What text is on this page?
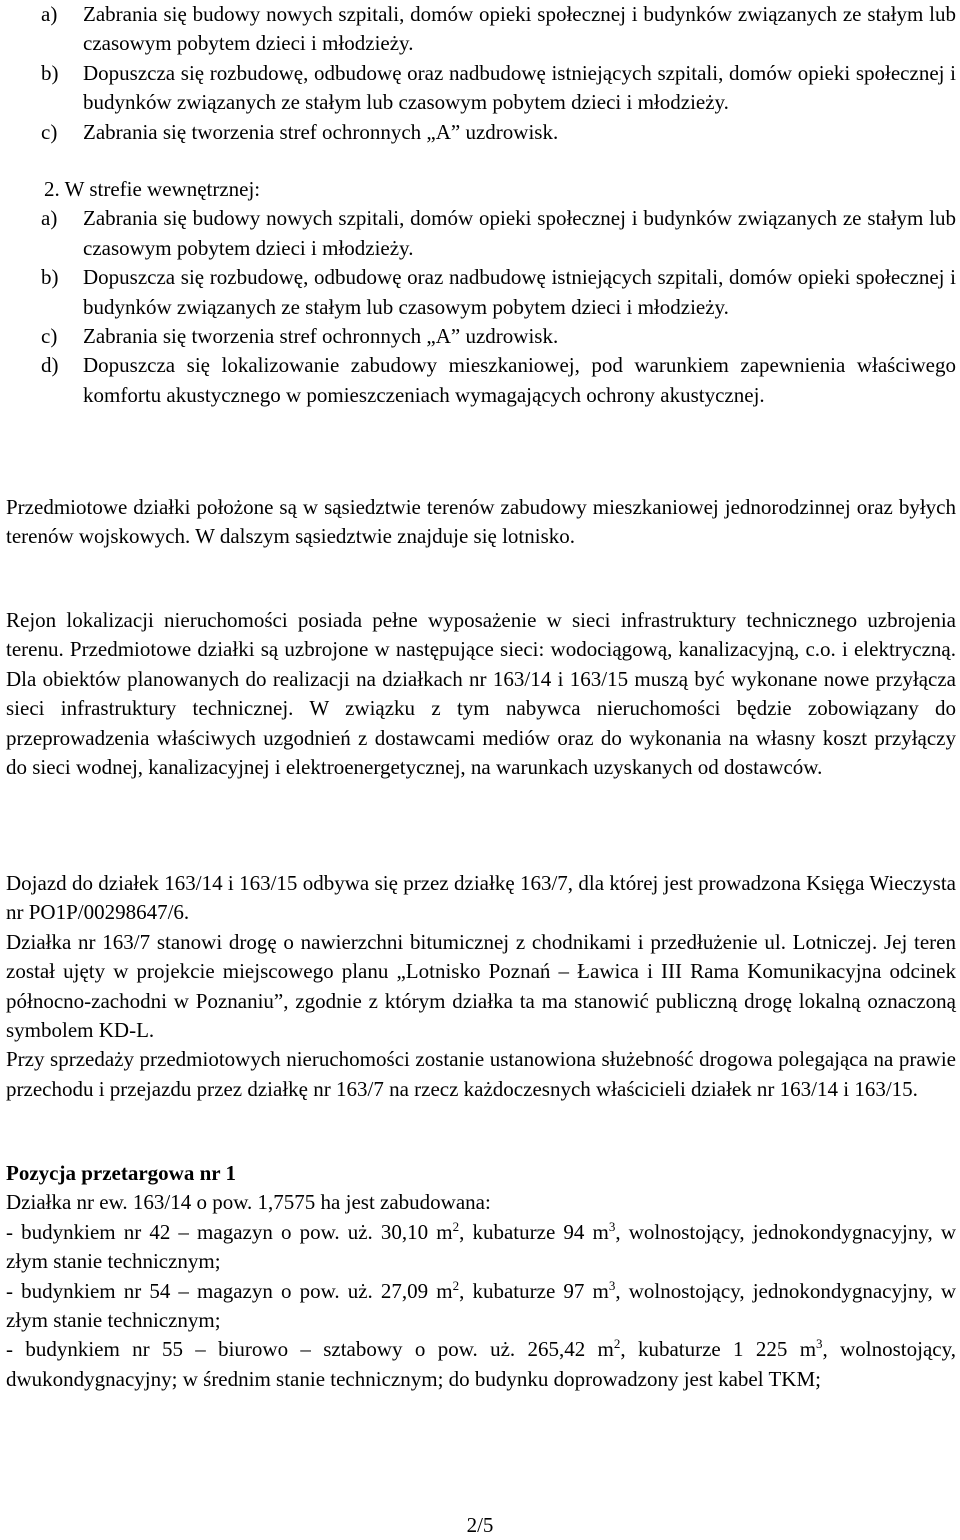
a)	Zabrania się budowy nowych szpitali, domów opieki społecznej i budynków związanych ze stałym lub czasowym pobytem dzieci i młodzieży.
b)	Dopuszcza się rozbudowę, odbudowę oraz nadbudowę istniejących szpitali, domów opieki społecznej i budynków związanych ze stałym lub czasowym pobytem dzieci i młodzieży.
c)	Zabrania się tworzenia stref ochronnych „A” uzdrowisk.
2. W strefie wewnętrznej:
a)	Zabrania się budowy nowych szpitali, domów opieki społecznej i budynków związanych ze stałym lub czasowym pobytem dzieci i młodzieży.
b)	Dopuszcza się rozbudowę, odbudowę oraz nadbudowę istniejących szpitali, domów opieki społecznej i budynków związanych ze stałym lub czasowym pobytem dzieci i młodzieży.
c)	Zabrania się tworzenia stref ochronnych „A” uzdrowisk.
d)	Dopuszcza się lokalizowanie zabudowy mieszkaniowej, pod warunkiem zapewnienia właściwego komfortu akustycznego w pomieszczeniach wymagających ochrony akustycznej.

Przedmiotowe działki położone są w sąsiedztwie terenów zabudowy mieszkaniowej jednorodzinnej oraz byłych terenów wojskowych. W dalszym sąsiedztwie znajduje się lotnisko.

Rejon lokalizacji nieruchomości posiada pełne wyposażenie w sieci infrastruktury technicznego uzbrojenia terenu. Przedmiotowe działki są uzbrojone w następujące sieci: wodociągową, kanalizacyjną, c.o. i elektryczną. Dla obiektów planowanych do realizacji na działkach nr 163/14 i 163/15 muszą być wykonane nowe przyłącza sieci infrastruktury technicznej. W związku z tym nabywca nieruchomości będzie zobowiązany do przeprowadzenia właściwych uzgodnień z dostawcami mediów oraz do wykonania na własny koszt przyłączy do sieci wodnej, kanalizacyjnej i elektroenergetycznej, na warunkach uzyskanych od dostawców.

Dojazd do działek 163/14 i 163/15 odbywa się przez działkę 163/7, dla której jest prowadzona Księga Wieczysta nr PO1P/00298647/6.

Działka nr 163/7 stanowi drogę o nawierzchni bitumicznej z chodnikami i przedłużenie ul. Lotniczej. Jej teren został ujęty w projekcie miejscowego planu „Lotnisko Poznań – Ławica i III Rama Komunikacyjna odcinek północno-zachodni w Poznaniu”, zgodnie z którym działka ta ma stanowić publiczną drogę lokalną oznaczoną symbolem KD-L.

Przy sprzedaży przedmiotowych nieruchomości zostanie ustanowiona służebność drogowa polegająca na prawie przechodu i przejazdu przez działkę nr 163/7 na rzecz każdoczesnych właścicieli działek nr 163/14 i 163/15.

Pozycja przetargowa nr 1

Działka nr ew. 163/14 o pow. 1,7575 ha jest zabudowana:

- budynkiem nr 42 – magazyn o pow. uż. 30,10 $m^2$, kubaturze 94 $m^3$, wolnostojący, jednokondygnacyjny, w złym stanie technicznym;

- budynkiem nr 54 – magazyn o pow. uż. 27,09 $m^2$, kubaturze 97 $m^3$, wolnostojący, jednokondygnacyjny, w złym stanie technicznym;

- budynkiem nr 55 – biurowo – sztabowy o pow. uż. 265,42 $m^2$, kubaturze 1 225 $m^3$, wolnostojący, dwukondygnacyjny; w średnim stanie technicznym; do budynku doprowadzony jest kabel TKM;

2/5
